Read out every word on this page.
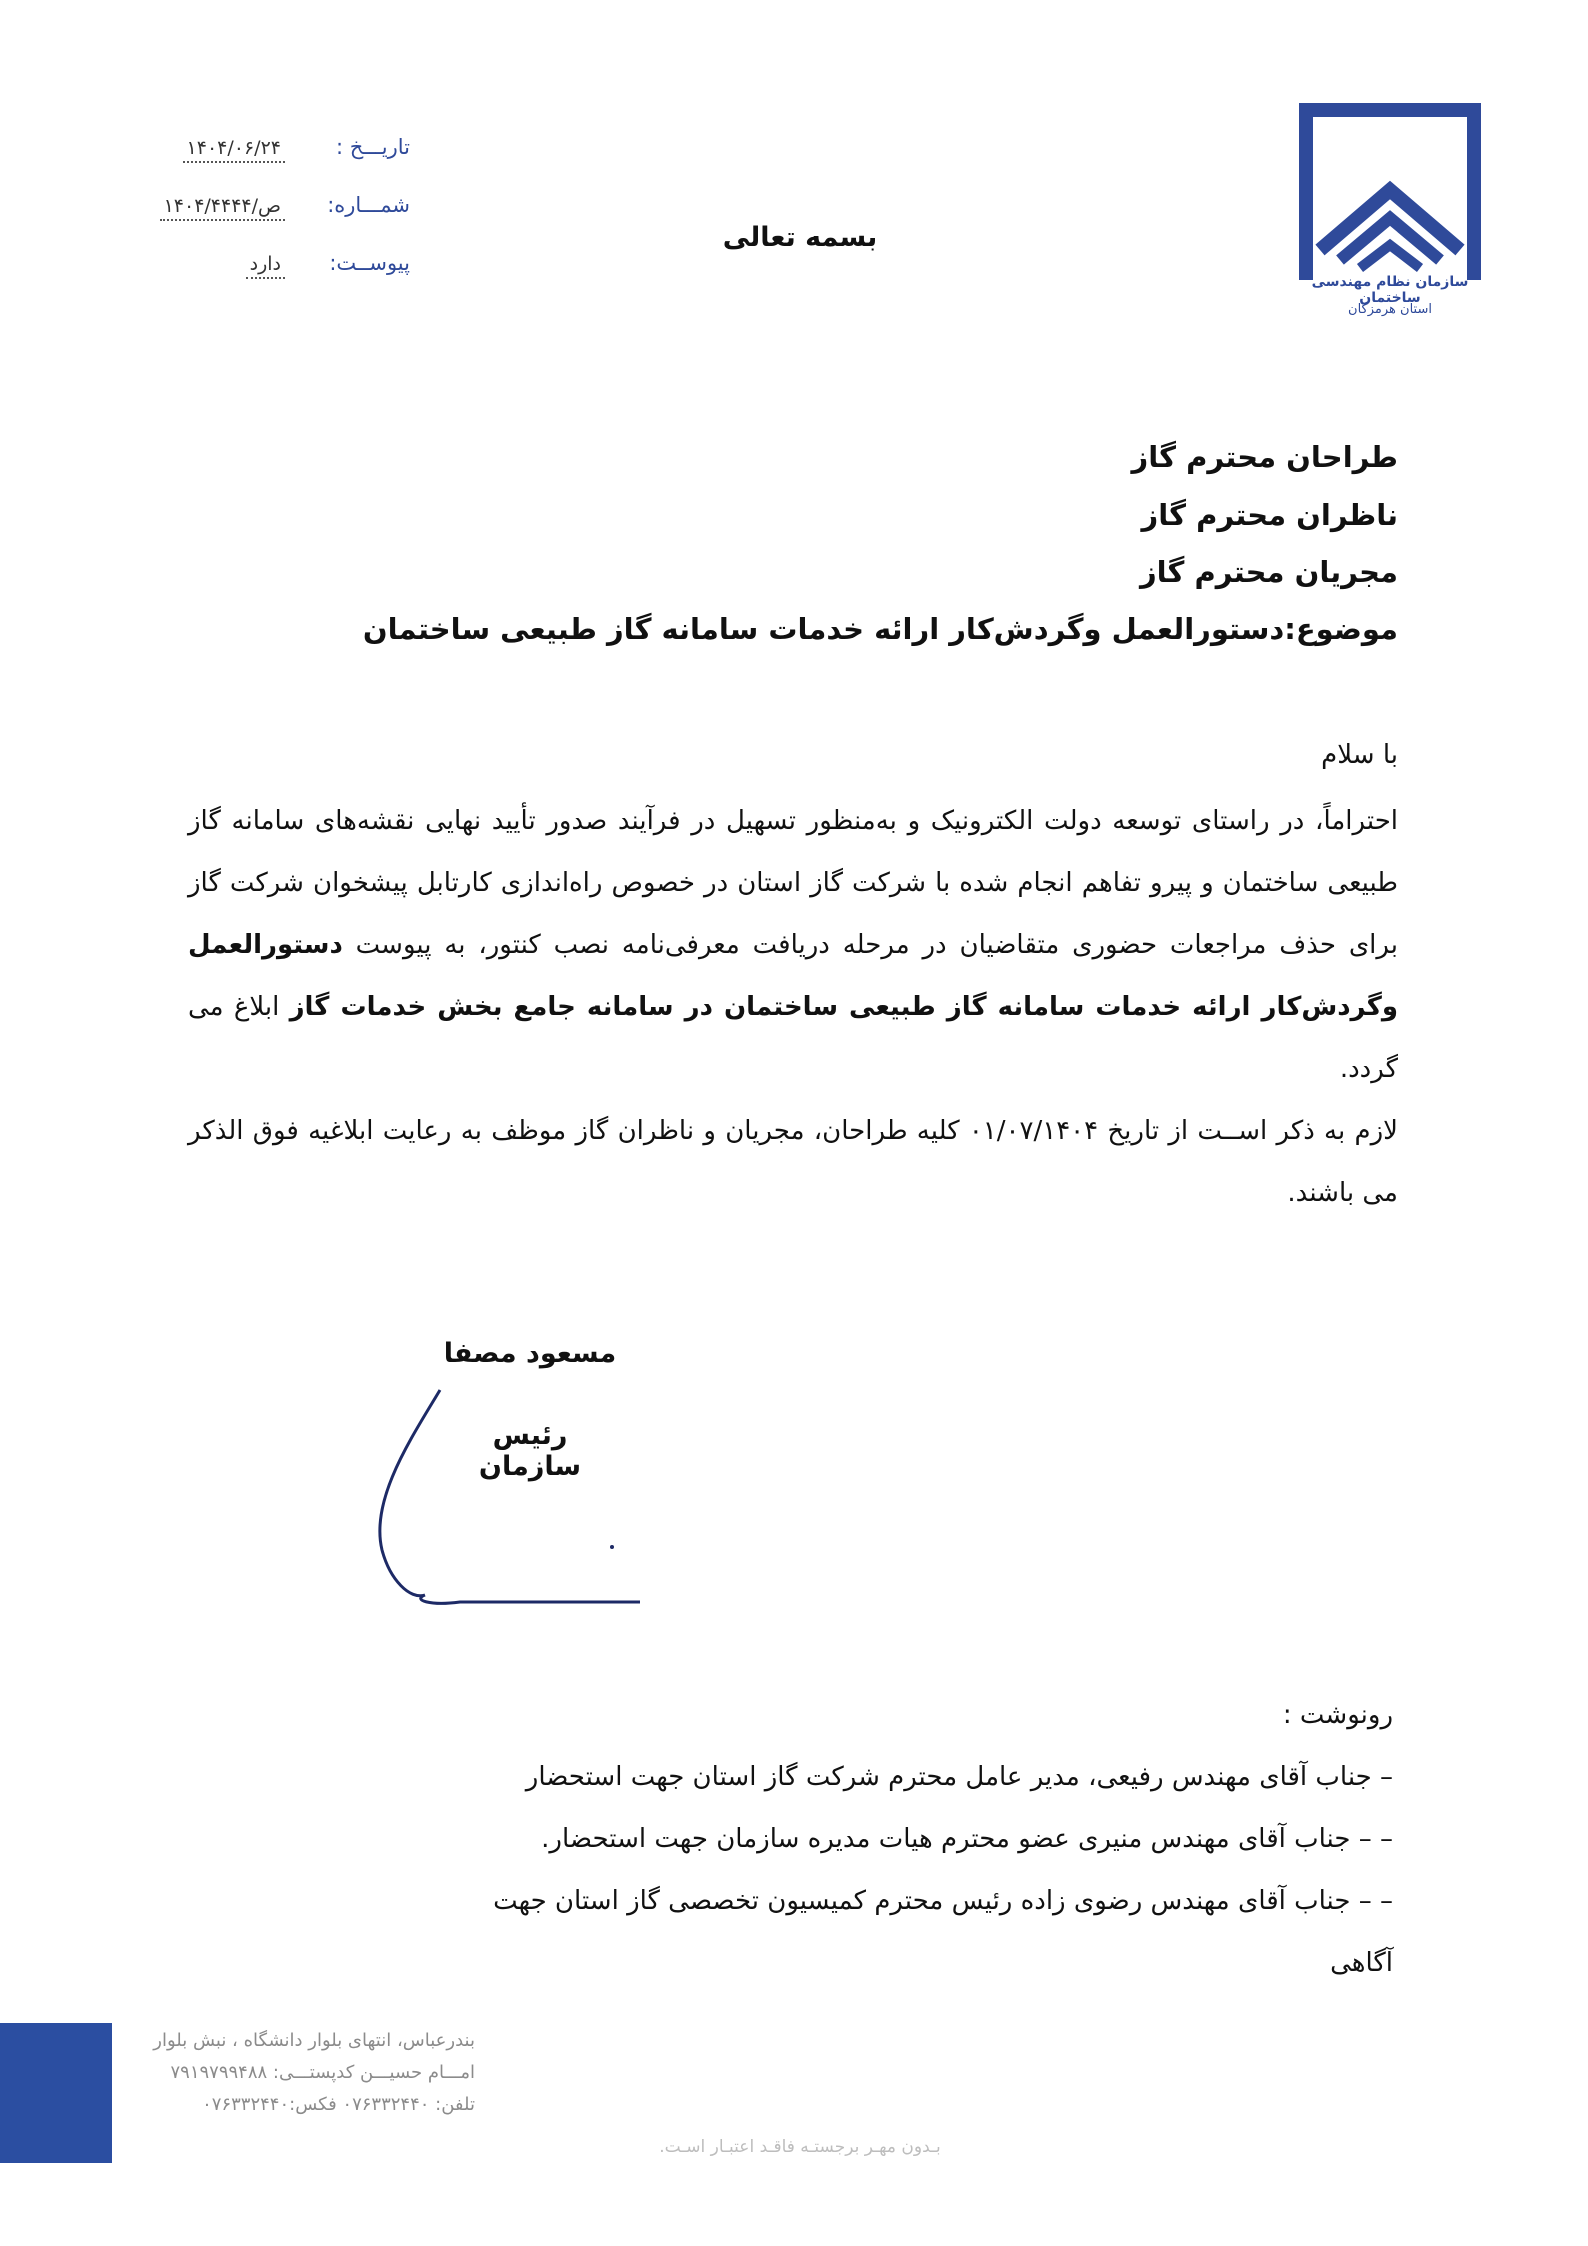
تاریـــخ :
۱۴۰۴/۰۶/۲۴
شمـــاره:
ص/۱۴۰۴/۴۴۴۴
پیوســت:
دارد
بسمه تعالی
سازمان نظام مهندسی ساختمان
استان هرمزگان
طراحان محترم گاز
ناظران محترم گاز
مجریان محترم گاز
موضوع:دستورالعمل وگردش‌کار ارائه خدمات سامانه گاز طبیعی ساختمان
با سلام
احتراماً، در راستای توسعه دولت الکترونیک و به‌منظور تسهیل در فرآیند صدور تأیید نهایی نقشه‌های سامانه گاز طبیعی ساختمان و پیرو تفاهم انجام شده با شرکت گاز استان در خصوص راه‌اندازی کارتابل پیشخوان شرکت گاز برای حذف مراجعات حضوری متقاضیان در مرحله دریافت معرفی‌نامه نصب کنتور، به پیوست دستورالعمل وگردش‌کار ارائه خدمات سامانه گاز طبیعی ساختمان در سامانه جامع بخش خدمات گاز ابلاغ می گردد.
لازم به ذکر اســت از تاریخ ۰۱/۰۷/۱۴۰۴ کلیه طراحان، مجریان و ناظران گاز موظف به رعایت ابلاغیه فوق الذکر می باشند.
مسعود مصفا
رئیس سازمان
رونوشت :
– جناب آقای مهندس رفیعی، مدیر عامل محترم شرکت گاز استان جهت استحضار
– – جناب آقای مهندس منیری عضو محترم هیات مدیره سازمان جهت استحضار.
– – جناب آقای مهندس رضوی زاده رئیس محترم کمیسیون تخصصی گاز استان جهت
آگاهی
بندرعباس، انتهای بلوار دانشگاه ، نبش بلوار
امـــام حسیـــن کدپستـــی: ۷۹۱۹۷۹۹۴۸۸
تلفن: ۰۷۶۳۳۲۴۴۰ فکس:۰۷۶۳۳۲۴۴۰
بـدون مهـر برجستـه فاقـد اعتبـار اسـت.
